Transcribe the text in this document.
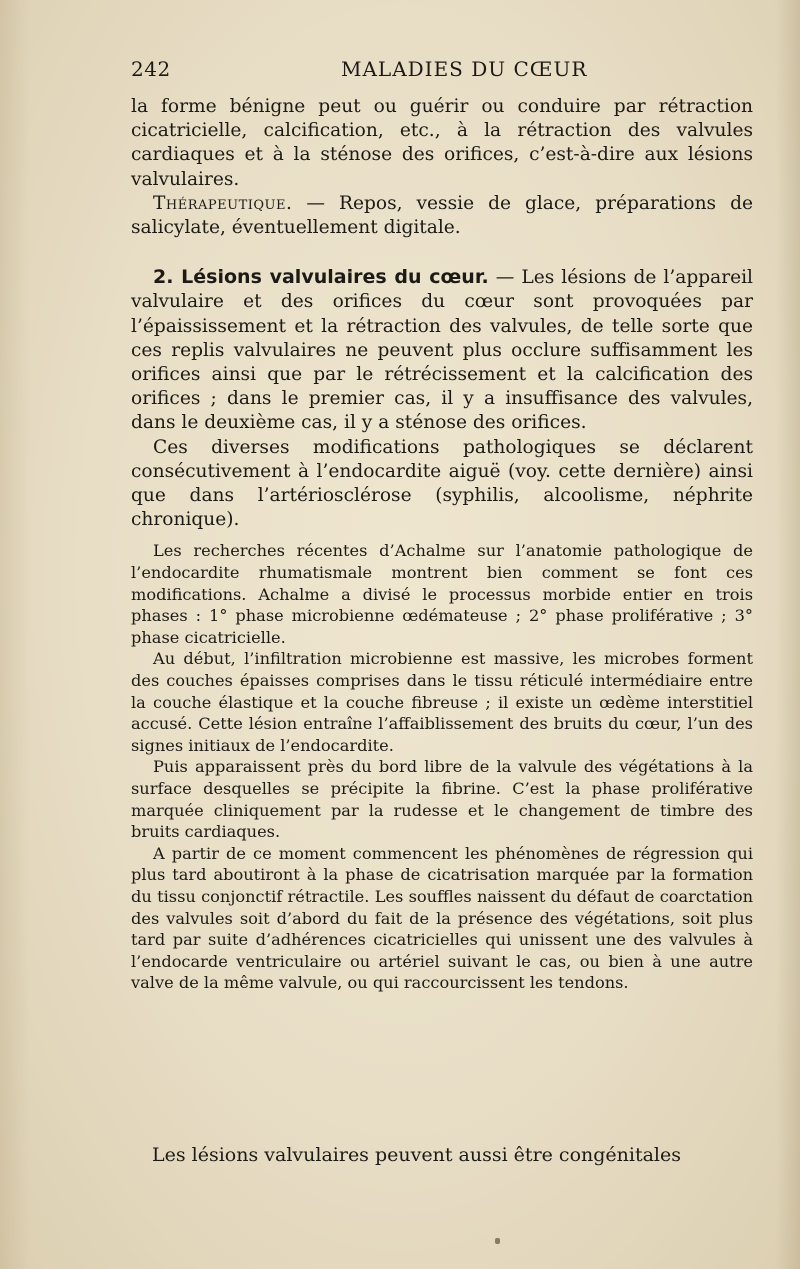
242	MALADIES DU CŒUR

la forme bénigne peut ou guérir ou conduire par rétraction cicatricielle, calcification, etc., à la rétraction des valvules cardiaques et à la sténose des orifices, c’est-à-dire aux lésions valvulaires.

Thérapeutique. — Repos, vessie de glace, préparations de salicylate, éventuellement digitale.

2. Lésions valvulaires du cœur. — Les lésions de l’appareil valvulaire et des orifices du cœur sont provoquées par l’épaississement et la rétraction des valvules, de telle sorte que ces replis valvulaires ne peuvent plus occlure suffisamment les orifices ainsi que par le rétrécissement et la calcification des orifices ; dans le premier cas, il y a insuffisance des valvules, dans le deuxième cas, il y a sténose des orifices.

Ces diverses modifications pathologiques se déclarent consécutivement à l’endocardite aiguë (voy. cette dernière) ainsi que dans l’artériosclérose (syphilis, alcoolisme, néphrite chronique).

Les recherches récentes d’Achalme sur l’anatomie pathologique de l’endocardite rhumatismale montrent bien comment se font ces modifications. Achalme a divisé le processus morbide entier en trois phases : 1° phase microbienne œdémateuse ; 2° phase proliférative ; 3° phase cicatricielle.

Au début, l’infiltration microbienne est massive, les microbes forment des couches épaisses comprises dans le tissu réticulé intermédiaire entre la couche élastique et la couche fibreuse ; il existe un œdème interstitiel accusé. Cette lésion entraîne l’affaiblissement des bruits du cœur, l’un des signes initiaux de l’endocardite.

Puis apparaissent près du bord libre de la valvule des végétations à la surface desquelles se précipite la fibrine. C’est la phase proliférative marquée cliniquement par la rudesse et le changement de timbre des bruits cardiaques.

A partir de ce moment commencent les phénomènes de régression qui plus tard aboutiront à la phase de cicatrisation marquée par la formation du tissu conjonctif rétractile. Les souffles naissent du défaut de coarctation des valvules soit d’abord du fait de la présence des végétations, soit plus tard par suite d’adhérences cicatricielles qui unissent une des valvules à l’endocarde ventriculaire ou artériel suivant le cas, ou bien à une autre valve de la même valvule, ou qui raccourcissent les tendons.

Les lésions valvulaires peuvent aussi être congénitales
